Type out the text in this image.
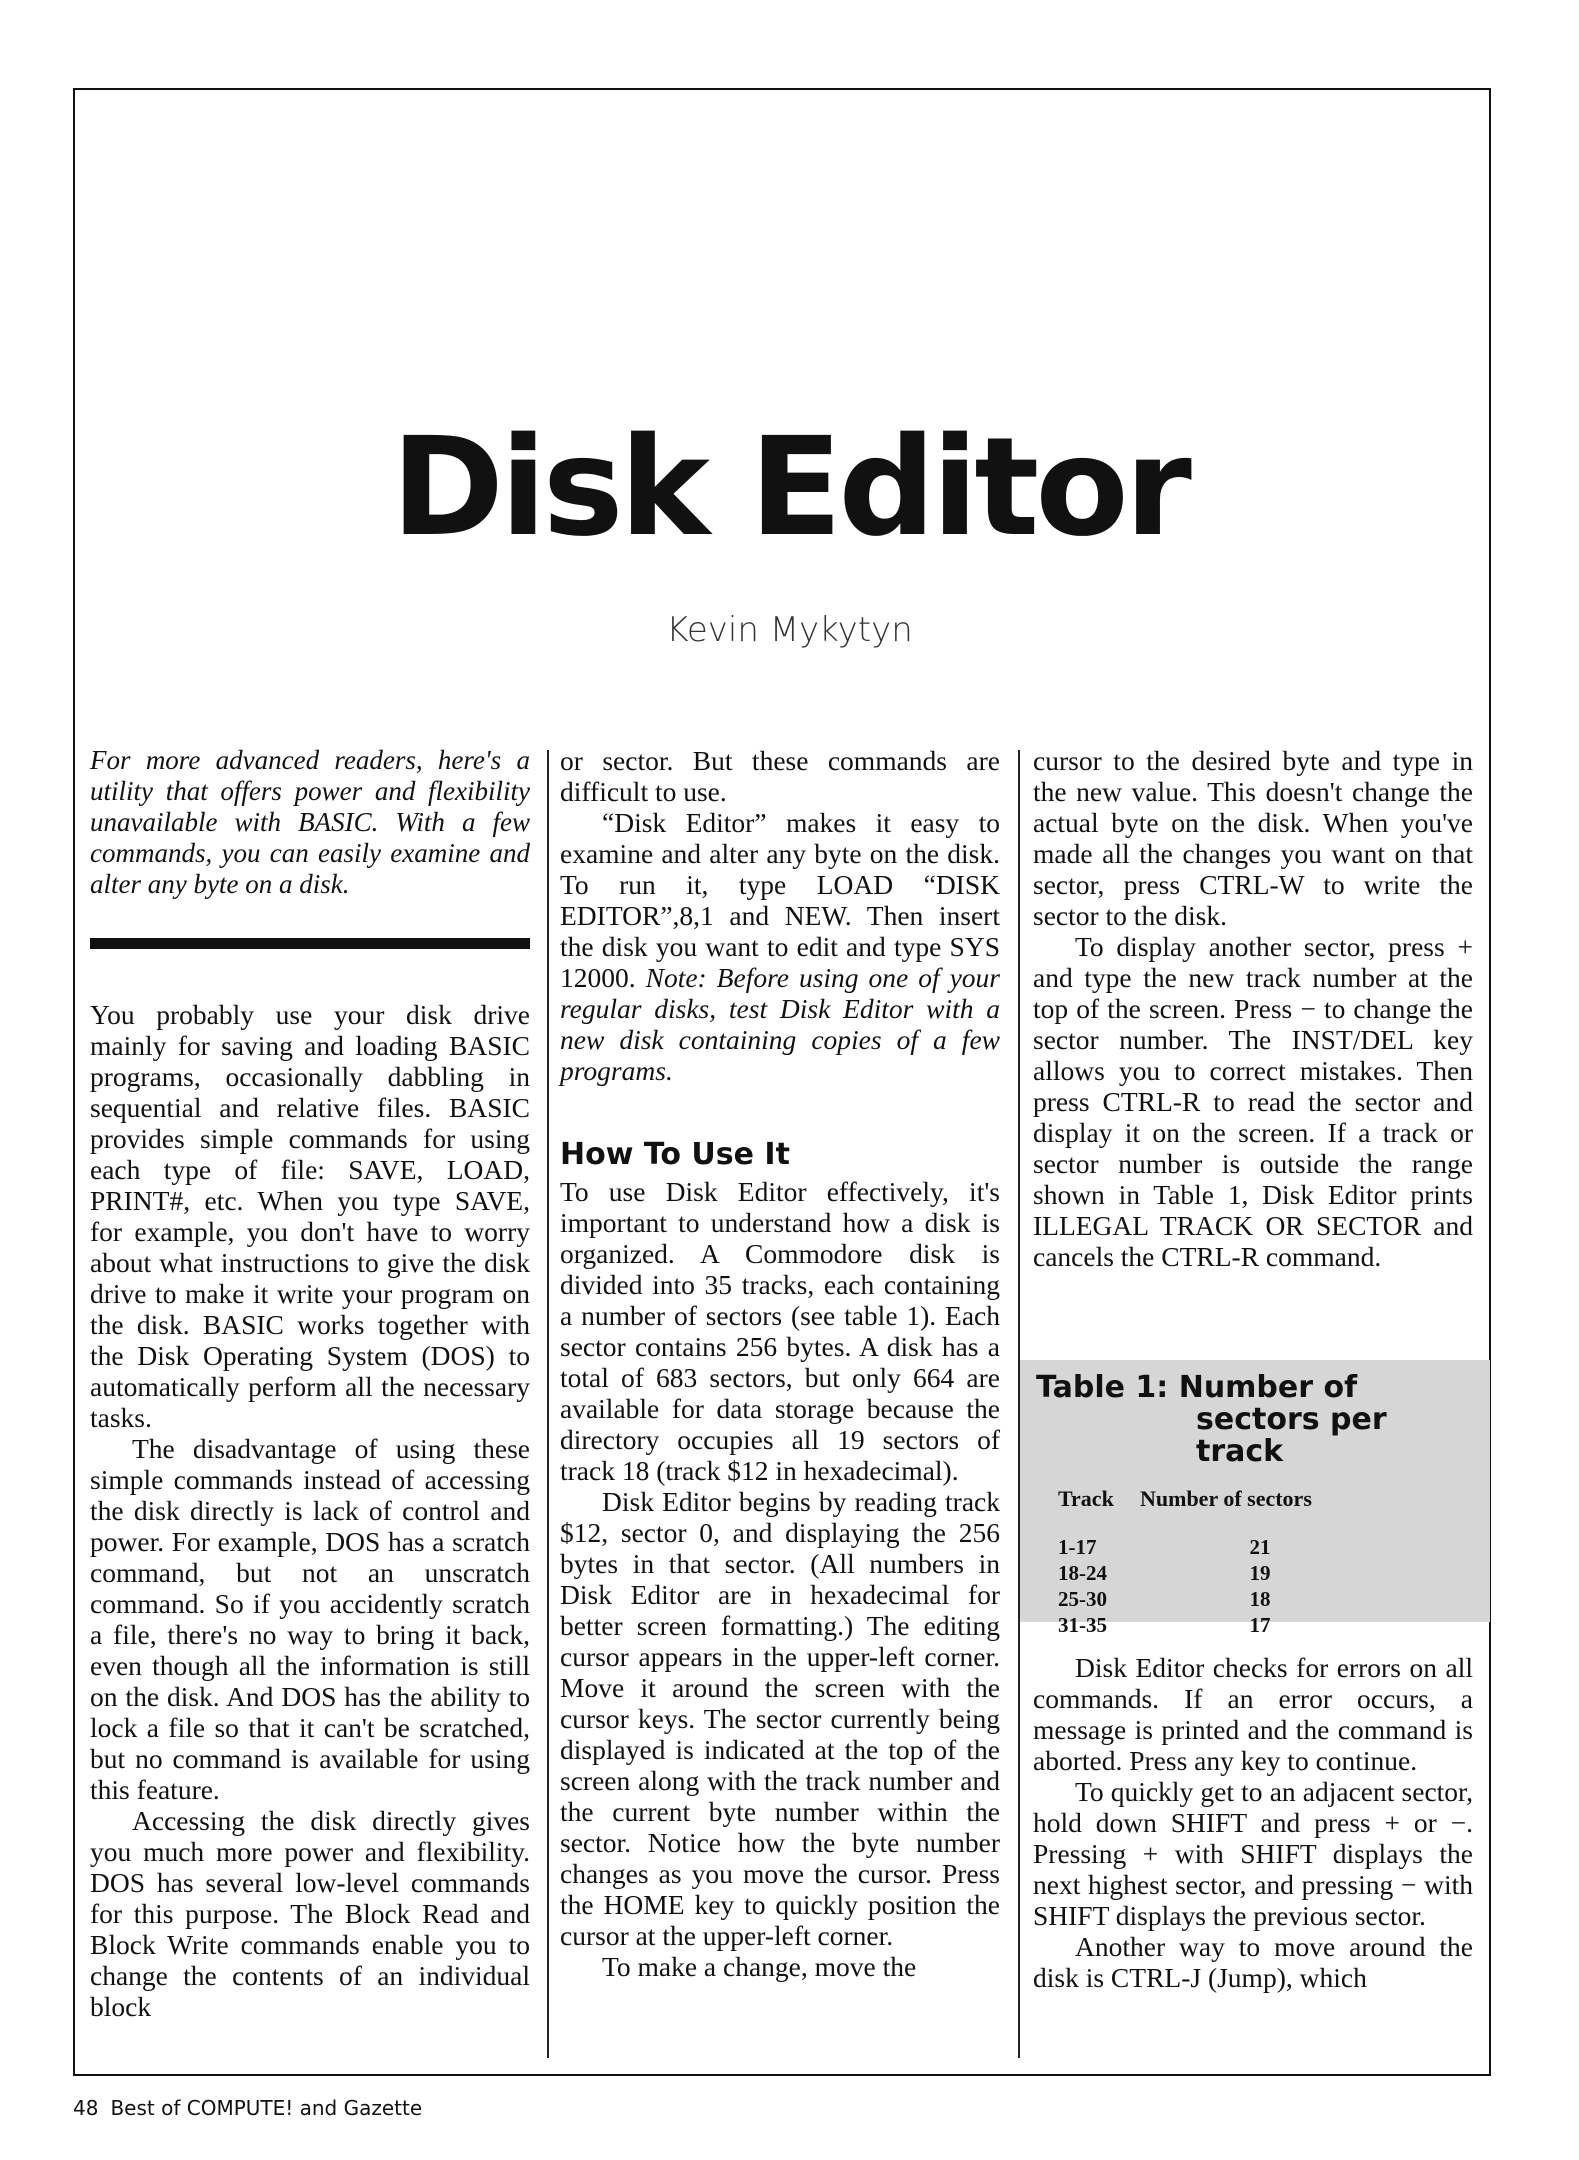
Disk Editor
Kevin Mykytyn

For more advanced readers, here's a utility that offers power and flexibility unavailable with BASIC. With a few commands, you can easily examine and alter any byte on a disk.

You probably use your disk drive mainly for saving and loading BASIC programs, occasionally dabbling in sequential and relative files. BASIC provides simple commands for using each type of file: SAVE, LOAD, PRINT#, etc. When you type SAVE, for example, you don't have to worry about what instructions to give the disk drive to make it write your program on the disk. BASIC works together with the Disk Operating System (DOS) to automatically perform all the necessary tasks.

The disadvantage of using these simple commands instead of accessing the disk directly is lack of control and power. For example, DOS has a scratch command, but not an unscratch command. So if you accidently scratch a file, there's no way to bring it back, even though all the information is still on the disk. And DOS has the ability to lock a file so that it can't be scratched, but no command is available for using this feature.

Accessing the disk directly gives you much more power and flexibility. DOS has several low-level commands for this purpose. The Block Read and Block Write commands enable you to change the contents of an individual block

or sector. But these commands are difficult to use.

“Disk Editor” makes it easy to examine and alter any byte on the disk. To run it, type LOAD “DISK EDITOR”,8,1 and NEW. Then insert the disk you want to edit and type SYS 12000. Note: Before using one of your regular disks, test Disk Editor with a new disk containing copies of a few programs.

How To Use It

To use Disk Editor effectively, it's important to understand how a disk is organized. A Commodore disk is divided into 35 tracks, each containing a number of sectors (see table 1). Each sector contains 256 bytes. A disk has a total of 683 sectors, but only 664 are available for data storage because the directory occupies all 19 sectors of track 18 (track $12 in hexadecimal).

Disk Editor begins by reading track $12, sector 0, and displaying the 256 bytes in that sector. (All numbers in Disk Editor are in hexadecimal for better screen formatting.) The editing cursor appears in the upper-left corner. Move it around the screen with the cursor keys. The sector currently being displayed is indicated at the top of the screen along with the track number and the current byte number within the sector. Notice how the byte number changes as you move the cursor. Press the HOME key to quickly position the cursor at the upper-left corner.

To make a change, move the

cursor to the desired byte and type in the new value. This doesn't change the actual byte on the disk. When you've made all the changes you want on that sector, press CTRL-W to write the sector to the disk.

To display another sector, press + and type the new track number at the top of the screen. Press − to change the sector number. The INST/DEL key allows you to correct mistakes. Then press CTRL-R to read the sector and display it on the screen. If a track or sector number is outside the range shown in Table 1, Disk Editor prints ILLEGAL TRACK OR SECTOR and cancels the CTRL-R command.

Table 1: Number of
sectors per track
Track	Number of sectors
1-17	21
18-24	19
25-30	18
31-35	17

Disk Editor checks for errors on all commands. If an error occurs, a message is printed and the command is aborted. Press any key to continue.

To quickly get to an adjacent sector, hold down SHIFT and press + or −. Pressing + with SHIFT displays the next highest sector, and pressing − with SHIFT displays the previous sector.

Another way to move around the disk is CTRL-J (Jump), which

48 Best of COMPUTE! and Gazette
